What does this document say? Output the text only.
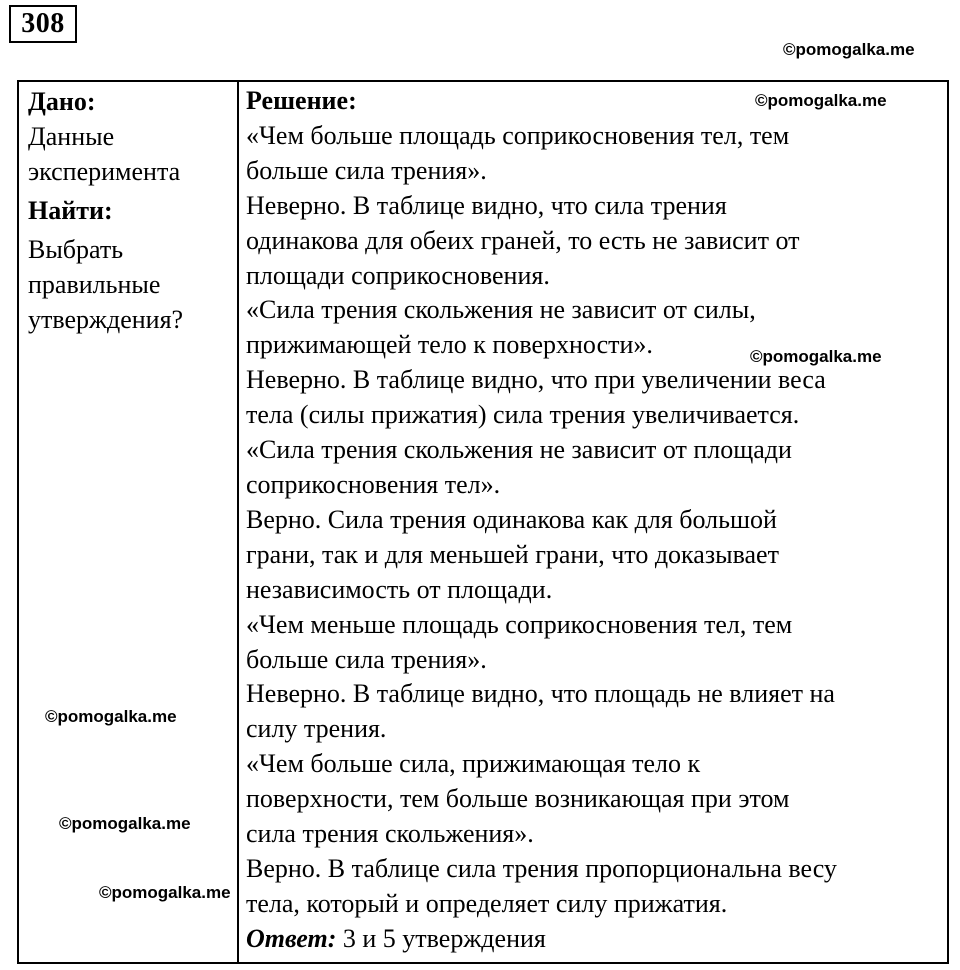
308
©pomogalka.me
Дано:
Данные
эксперимента
Найти:
Выбрать
правильные
утверждения?
Решение:
«Чем больше площадь соприкосновения тел, тем
больше сила трения».
Неверно. В таблице видно, что сила трения
одинакова для обеих граней, то есть не зависит от
площади соприкосновения.
«Сила трения скольжения не зависит от силы,
прижимающей тело к поверхности».
Неверно. В таблице видно, что при увеличении веса
тела (силы прижатия) сила трения увеличивается.
«Сила трения скольжения не зависит от площади
соприкосновения тел».
Верно. Сила трения одинакова как для большой
грани, так и для меньшей грани, что доказывает
независимость от площади.
«Чем меньше площадь соприкосновения тел, тем
больше сила трения».
Неверно. В таблице видно, что площадь не влияет на
силу трения.
«Чем больше сила, прижимающая тело к
поверхности, тем больше возникающая при этом
сила трения скольжения».
Верно. В таблице сила трения пропорциональна весу
тела, который и определяет силу прижатия.
Ответ: 3 и 5 утверждения
©pomogalka.me
©pomogalka.me
©pomogalka.me
©pomogalka.me
©pomogalka.me
